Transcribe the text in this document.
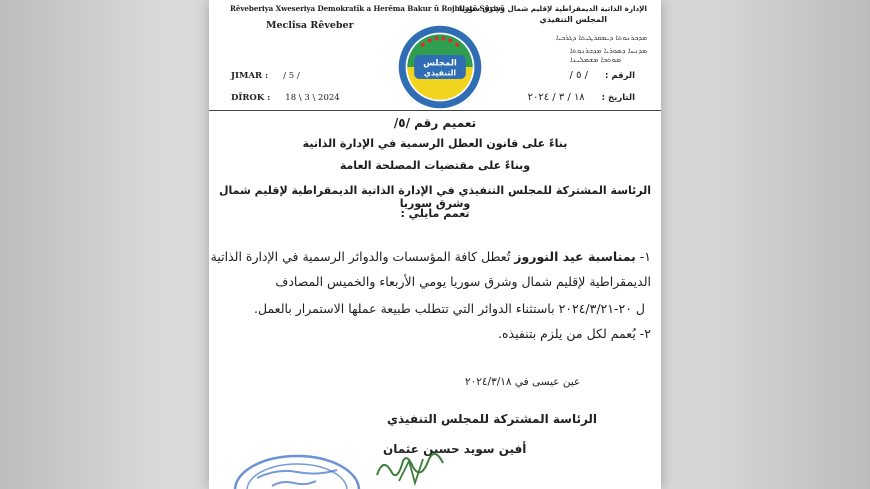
Rêveberiya Xweseriya Demokratîk a Herêma Bakur û Rojhilatê Sûriyê
Meclîsa Rêveber
الإدارة الذاتية الديمقراطية لإقليم شمال وشرق سوريا
المجلس التنفيذي
ܡܕܒܪܢܘܬܐ ܕܝܡܩܪܛܝܬܐ ܕܓܪܒܝܐ
ܡܕܢܚܐ ܕܣܘܪܝܐ ܡܕܒܪܢܘܬܐ
ܡܘܬܒܐ ܡܫܡܠܝܢܐ
المجلس
التنفيذي
JIMAR : / 5 /
DÎROK : 18 \ 3 \ 2024
الرقم : / ٥ /
التاريخ : ١٨ / ٣ / ٢٠٢٤
تعميم رقم /٥/
بناءً على قانون العطل الرسمية في الإدارة الذاتية
وبناءً على مقتضيات المصلحة العامة
الرئاسة المشتركة للمجلس التنفيذي في الإدارة الذاتية الديمقراطية لإقليم شمال وشرق سوريا
تعمم مايلي :
١- بمناسبة عيد النوروز تُعطل كافة المؤسسات والدوائر الرسمية في الإدارة الذاتية
الديمقراطية لإقليم شمال وشرق سوريا يومي الأربعاء والخميس المصادف
ل ٢٠-٢٠٢٤/٣/٢١ باستثناء الدوائر التي تتطلب طبيعة عملها الاستمرار بالعمل.
٢- يُعمم لكل من يلزم بتنفيذه.
عين عيسى في ٢٠٢٤/٣/١٨
الرئاسة المشتركة للمجلس التنفيذي
أفين سويد حسين عثمان
